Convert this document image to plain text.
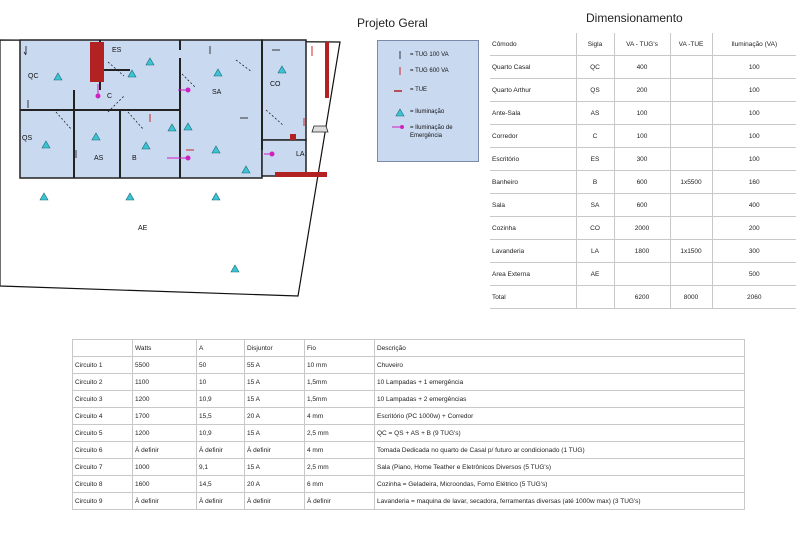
Projeto Geral
QC
ES
C
SA
CO
QS
AS	B
LA
AE
= TUG 100 VA
= TUG 600 VA
= TUE
= Iluminação
= Iluminação de Emergência
Dimensionamento
Cômodo	Sigla	VA - TUG's	VA -TUE	Iluminação (VA)
Quarto Casal	QC	400		100
Quarto Arthur	QS	200		100
Ante-Sala	AS	100		100
Corredor	C	100		100
Escritório	ES	300		100
Banheiro	B	600	1x5500	160
Sala	SA	600		400
Cozinha	CO	2000		200
Lavanderia	LA	1800	1x1500	300
Area Externa	AE			500
Total		6200	8000	2060
	Watts	A	Disjuntor	Fio	Descrição
Circuito 1	5500	50	55 A	10 mm	Chuveiro
Circuito 2	1100	10	15 A	1,5mm	10 Lampadas + 1 emergência
Circuito 3	1200	10,9	15 A	1,5mm	10 Lampadas + 2 emergências
Circuito 4	1700	15,5	20 A	4 mm	Escritório (PC 1000w) + Corredor
Circuito 5	1200	10,9	15 A	2,5 mm	QC = QS + AS + B (9 TUG's)
Circuito 6	À definir	À definir	À definir	4 mm	Tomada Dedicada no quarto de Casal p/ futuro ar condicionado (1 TUG)
Circuito 7	1000	9,1	15 A	2,5 mm	Sala (Piano, Home Teather e Eletrônicos Diversos (5 TUG's)
Circuito 8	1600	14,5	20 A	6 mm	Cozinha = Geladeira, Microondas, Forno Elétrico (5 TUG's)
Circuito 9	À definir	À definir	À definir	À definir	Lavanderia = maquina de lavar, secadora, ferramentas diversas (até 1000w max) (3 TUG's)
